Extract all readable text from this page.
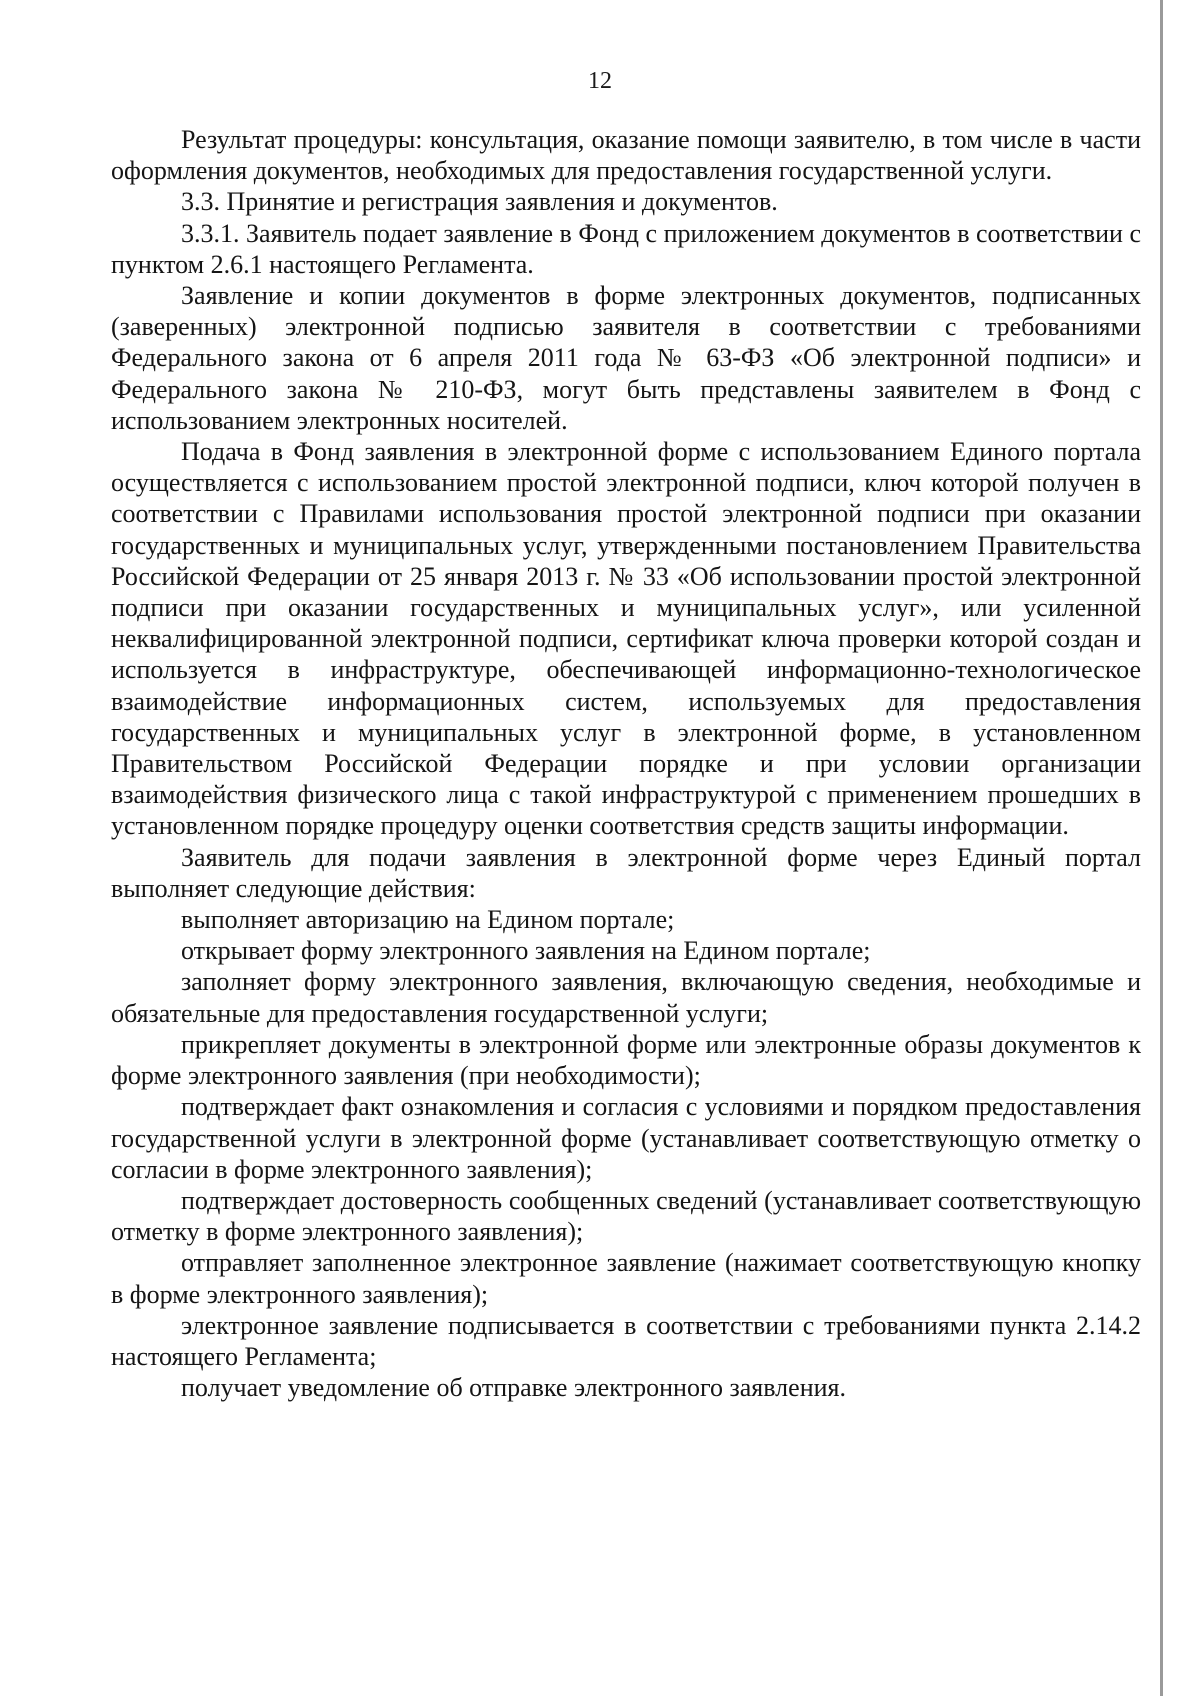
12

Результат процедуры: консультация, оказание помощи заявителю, в том числе в части оформления документов, необходимых для предоставления государственной услуги.

3.3. Принятие и регистрация заявления и документов.

3.3.1. Заявитель подает заявление в Фонд с приложением документов в соответствии с пунктом 2.6.1 настоящего Регламента.

Заявление и копии документов в форме электронных документов, подписанных (заверенных) электронной подписью заявителя в соответствии с требованиями Федерального закона от 6 апреля 2011 года № 63-ФЗ «Об электронной подписи» и Федерального закона № 210-ФЗ, могут быть представлены заявителем в Фонд с использованием электронных носителей.

Подача в Фонд заявления в электронной форме с использованием Единого портала осуществляется с использованием простой электронной подписи, ключ которой получен в соответствии с Правилами использования простой электронной подписи при оказании государственных и муниципальных услуг, утвержденными постановлением Правительства Российской Федерации от 25 января 2013 г. № 33 «Об использовании простой электронной подписи при оказании государственных и муниципальных услуг», или усиленной неквалифицированной электронной подписи, сертификат ключа проверки которой создан и используется в инфраструктуре, обеспечивающей информационно-технологическое взаимодействие информационных систем, используемых для предоставления государственных и муниципальных услуг в электронной форме, в установленном Правительством Российской Федерации порядке и при условии организации взаимодействия физического лица с такой инфраструктурой с применением прошедших в установленном порядке процедуру оценки соответствия средств защиты информации.

Заявитель для подачи заявления в электронной форме через Единый портал выполняет следующие действия:

выполняет авторизацию на Едином портале;

открывает форму электронного заявления на Едином портале;

заполняет форму электронного заявления, включающую сведения, необходимые и обязательные для предоставления государственной услуги;

прикрепляет документы в электронной форме или электронные образы документов к форме электронного заявления (при необходимости);

подтверждает факт ознакомления и согласия с условиями и порядком предоставления государственной услуги в электронной форме (устанавливает соответствующую отметку о согласии в форме электронного заявления);

подтверждает достоверность сообщенных сведений (устанавливает соответствующую отметку в форме электронного заявления);

отправляет заполненное электронное заявление (нажимает соответствующую кнопку в форме электронного заявления);

электронное заявление подписывается в соответствии с требованиями пункта 2.14.2 настоящего Регламента;

получает уведомление об отправке электронного заявления.
